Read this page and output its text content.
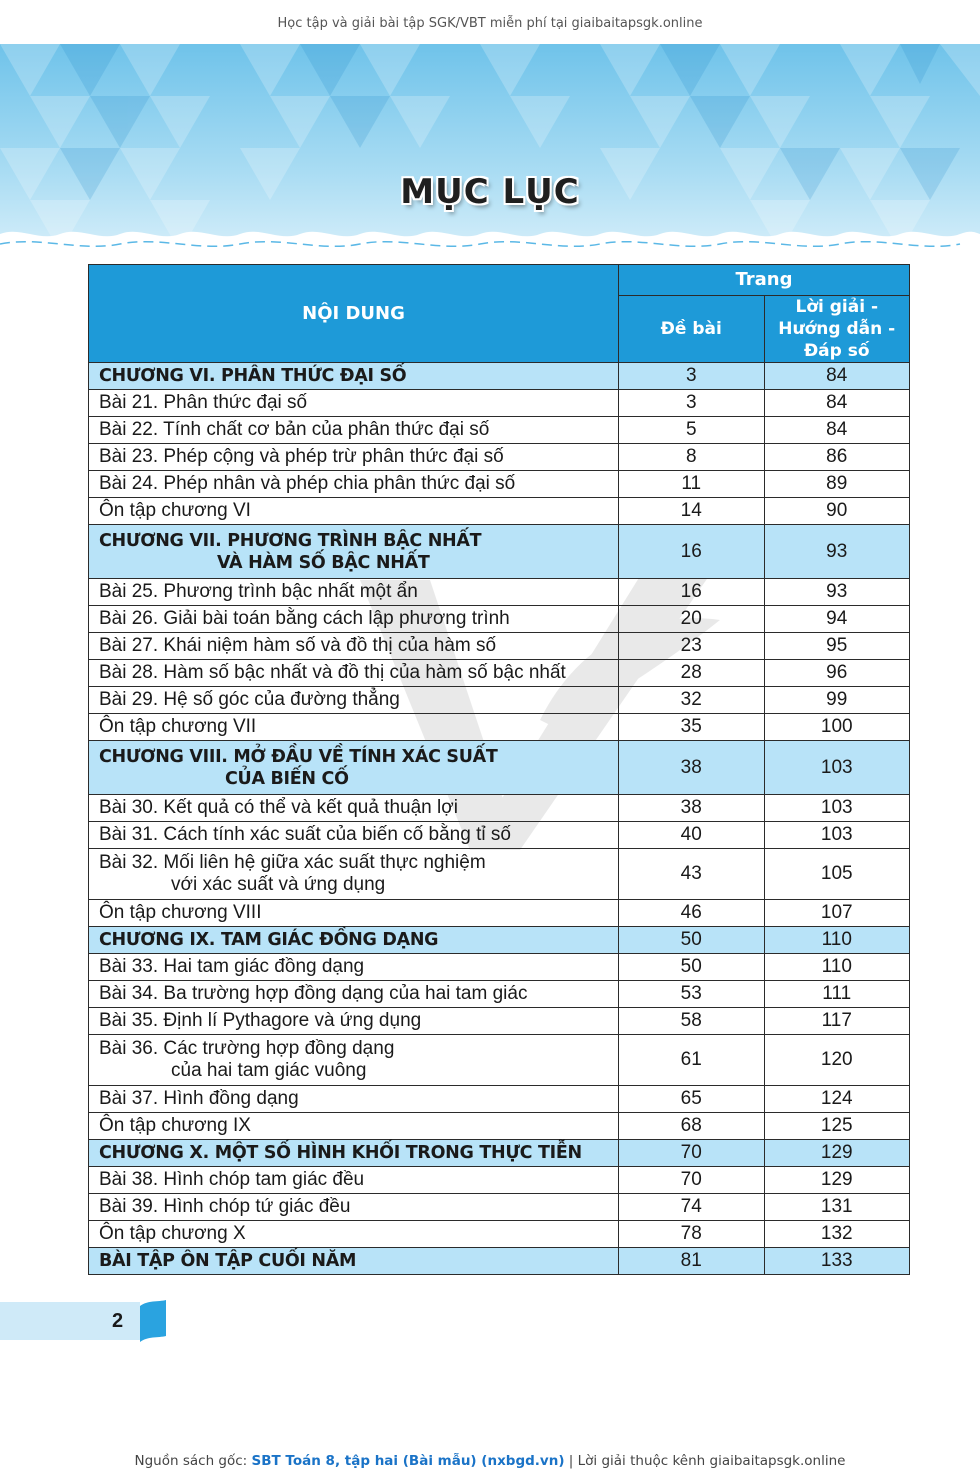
Học tập và giải bài tập SGK/VBT miễn phí tại giaibaitapsgk.online
MỤC LỤC
NỘI DUNG	Trang	
	Đề bài	Lời giải - Hướng dẫn -
Đáp số
CHƯƠNG VI. PHÂN THỨC ĐẠI SỐ	3	84
Bài 21. Phân thức đại số	3	84
Bài 22. Tính chất cơ bản của phân thức đại số	5	84
Bài 23. Phép cộng và phép trừ phân thức đại số	8	86
Bài 24. Phép nhân và phép chia phân thức đại số	11	89
Ôn tập chương VI	14	90
CHƯƠNG VII. PHƯƠNG TRÌNH BẬC NHẤT
VÀ HÀM SỐ BẬC NHẤT	16	93
Bài 25. Phương trình bậc nhất một ẩn	16	93
Bài 26. Giải bài toán bằng cách lập phương trình	20	94
Bài 27. Khái niệm hàm số và đồ thị của hàm số	23	95
Bài 28. Hàm số bậc nhất và đồ thị của hàm số bậc nhất	28	96
Bài 29. Hệ số góc của đường thẳng	32	99
Ôn tập chương VII	35	100
CHƯƠNG VIII. MỞ ĐẦU VỀ TÍNH XÁC SUẤT
CỦA BIẾN CỐ	38	103
Bài 30. Kết quả có thể và kết quả thuận lợi	38	103
Bài 31. Cách tính xác suất của biến cố bằng tỉ số	40	103
Bài 32. Mối liên hệ giữa xác suất thực nghiệm
với xác suất và ứng dụng	43	105
Ôn tập chương VIII	46	107
CHƯƠNG IX. TAM GIÁC ĐỒNG DẠNG	50	110
Bài 33. Hai tam giác đồng dạng	50	110
Bài 34. Ba trường hợp đồng dạng của hai tam giác	53	111
Bài 35. Định lí Pythagore và ứng dụng	58	117
Bài 36. Các trường hợp đồng dạng
của hai tam giác vuông	61	120
Bài 37. Hình đồng dạng	65	124
Ôn tập chương IX	68	125
CHƯƠNG X. MỘT SỐ HÌNH KHỐI TRONG THỰC TIỄN	70	129
Bài 38. Hình chóp tam giác đều	70	129
Bài 39. Hình chóp tứ giác đều	74	131
Ôn tập chương X	78	132
BÀI TẬP ÔN TẬP CUỐI NĂM	81	133
2
Nguồn sách gốc: SBT Toán 8, tập hai (Bài mẫu) (nxbgd.vn) | Lời giải thuộc kênh giaibaitapsgk.online
